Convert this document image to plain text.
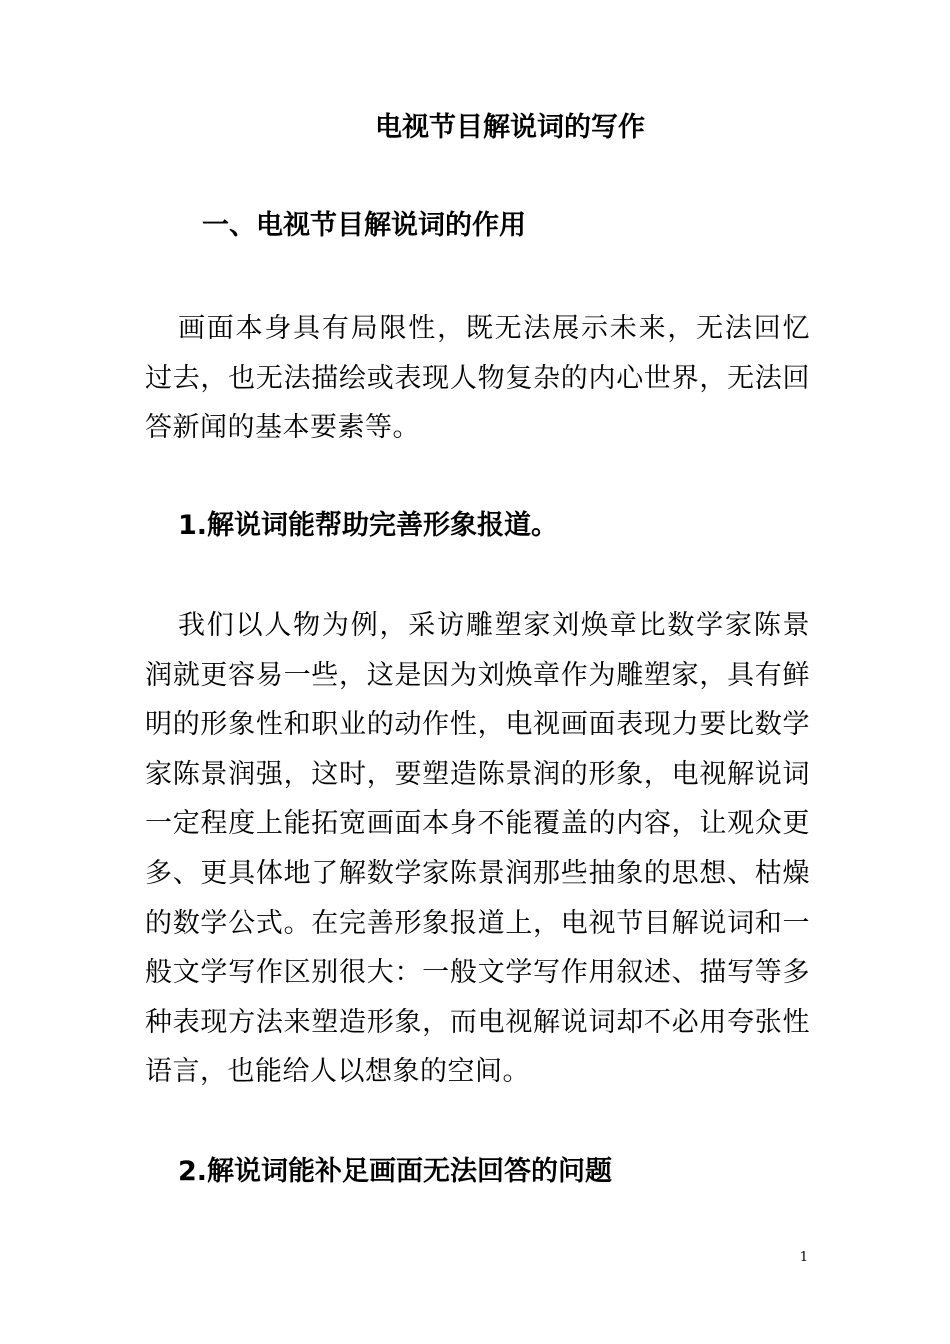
电视节目解说词的写作
一、电视节目解说词的作用

画面本身具有局限性，既无法展示未来，无法回忆过去，也无法描绘或表现人物复杂的内心世界，无法回答新闻的基本要素等。

1.解说词能帮助完善形象报道。

我们以人物为例，采访雕塑家刘焕章比数学家陈景润就更容易一些，这是因为刘焕章作为雕塑家，具有鲜明的形象性和职业的动作性，电视画面表现力要比数学家陈景润强，这时，要塑造陈景润的形象，电视解说词一定程度上能拓宽画面本身不能覆盖的内容，让观众更多、更具体地了解数学家陈景润那些抽象的思想、枯燥的数学公式。在完善形象报道上，电视节目解说词和一般文学写作区别很大：一般文学写作用叙述、描写等多种表现方法来塑造形象，而电视解说词却不必用夸张性语言，也能给人以想象的空间。

2.解说词能补足画面无法回答的问题
1
